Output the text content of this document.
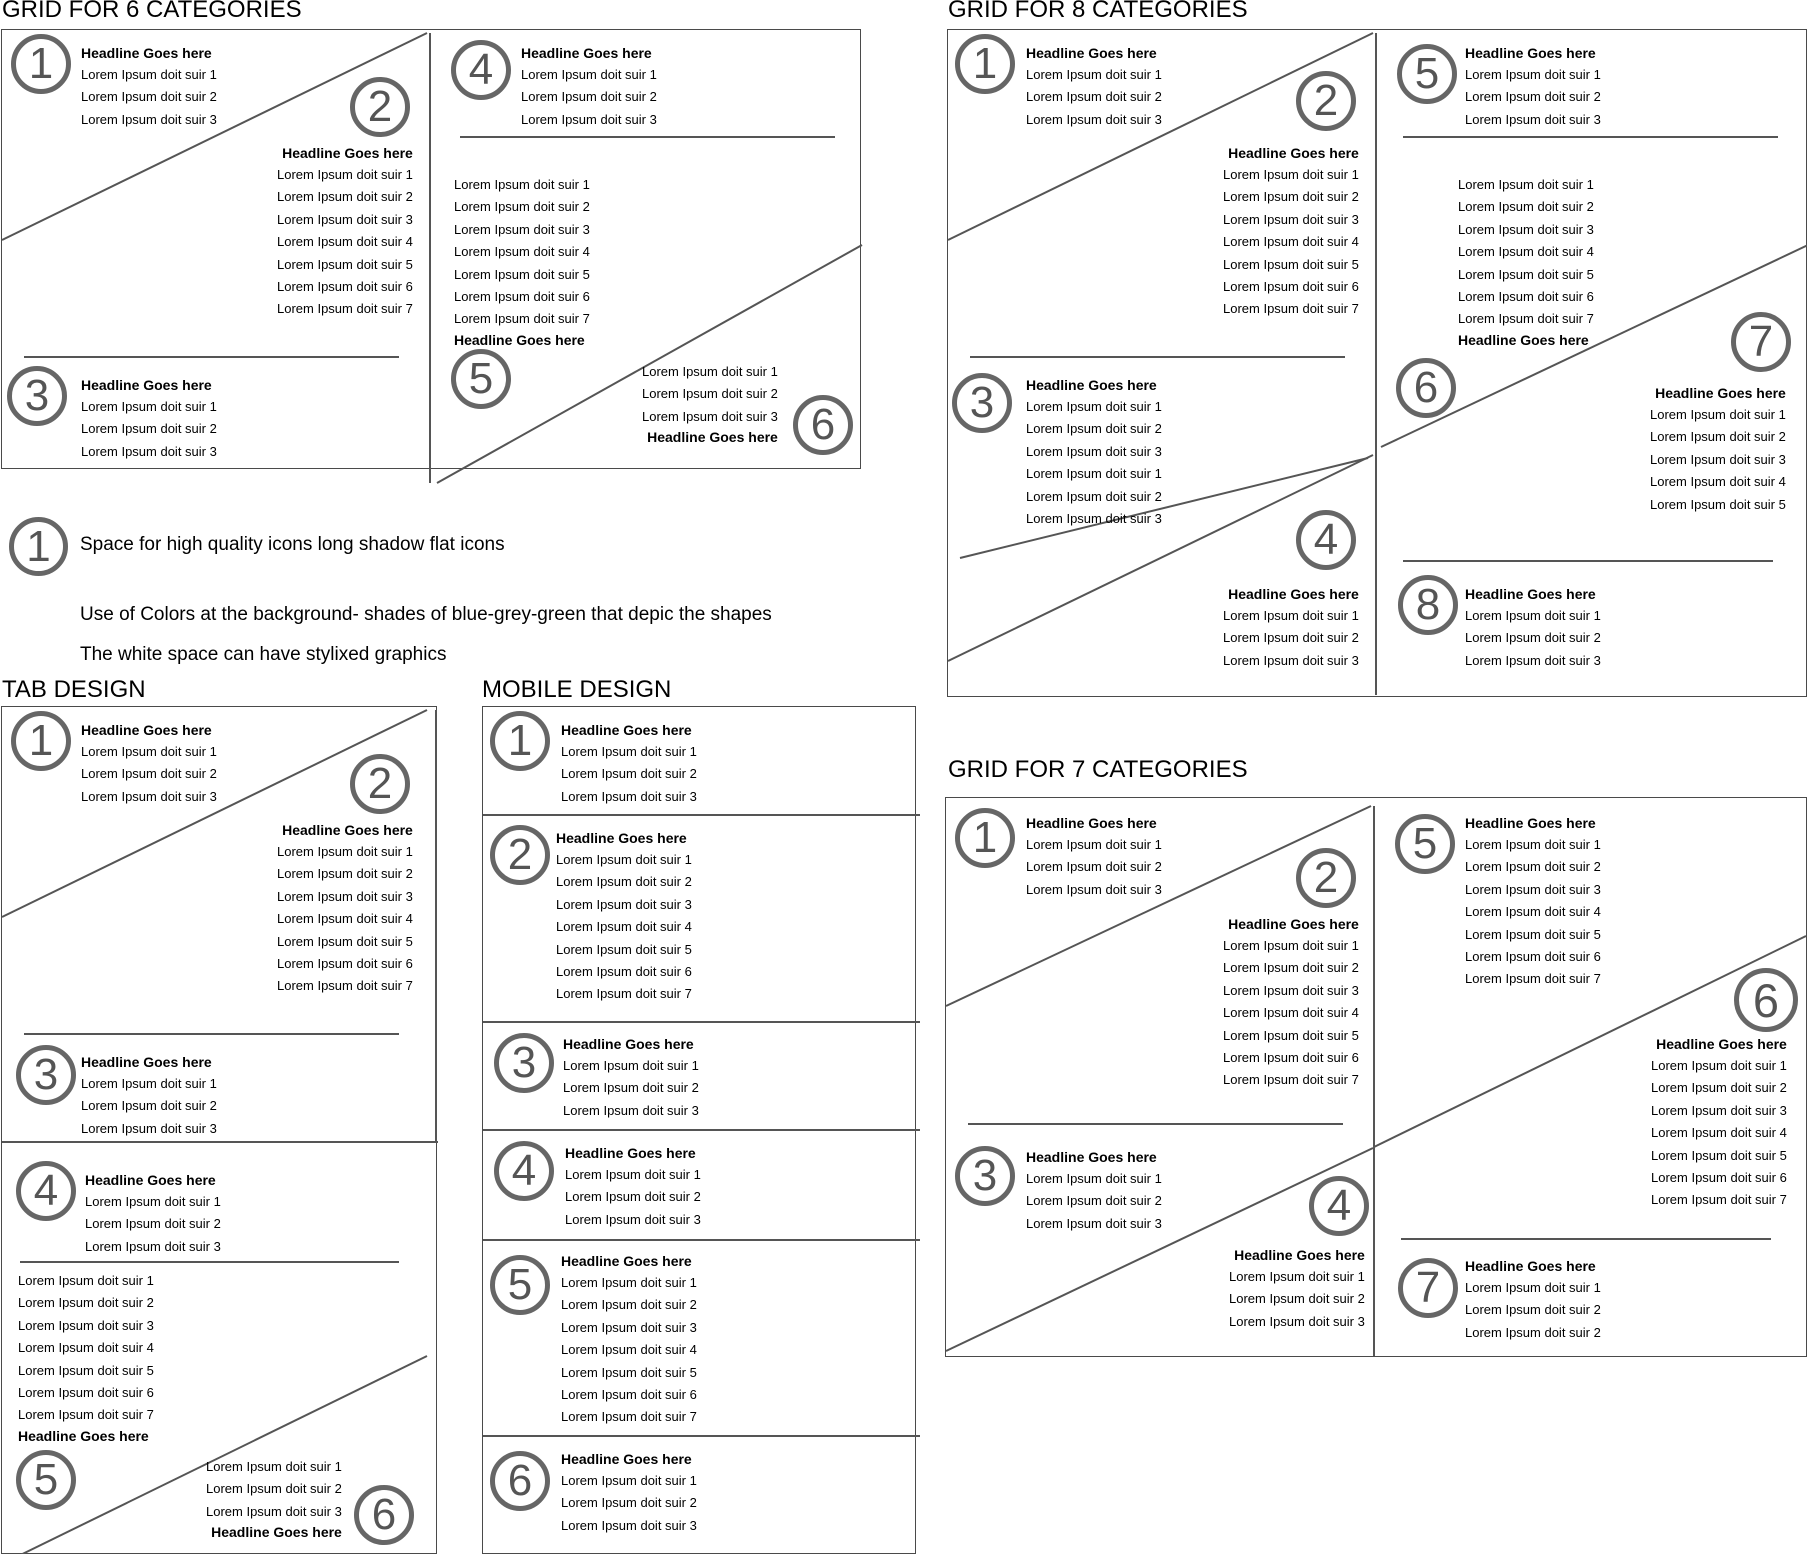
GRID FOR 6 CATEGORIES	GRID FOR 8 CATEGORIES
TAB DESIGN	MOBILE DESIGN
GRID FOR 7 CATEGORIES
1	Space for high quality icons long shadow flat icons
Use of Colors at the background- shades of blue-grey-green that depic the shapes
The white space can have stylixed graphics
1
2
3
4
5
6
Headline Goes here
Lorem Ipsum doit suir 1
Lorem Ipsum doit suir 2
Lorem Ipsum doit suir 3
Headline Goes here
Lorem Ipsum doit suir 1
Lorem Ipsum doit suir 2
Lorem Ipsum doit suir 3
Lorem Ipsum doit suir 4
Lorem Ipsum doit suir 5
Lorem Ipsum doit suir 6
Lorem Ipsum doit suir 7
Headline Goes here
Lorem Ipsum doit suir 1
Lorem Ipsum doit suir 2
Lorem Ipsum doit suir 3
Headline Goes here
Lorem Ipsum doit suir 1
Lorem Ipsum doit suir 2
Lorem Ipsum doit suir 3
Lorem Ipsum doit suir 1
Lorem Ipsum doit suir 2
Lorem Ipsum doit suir 3
Lorem Ipsum doit suir 4
Lorem Ipsum doit suir 5
Lorem Ipsum doit suir 6
Lorem Ipsum doit suir 7
Headline Goes here
Lorem Ipsum doit suir 1
Lorem Ipsum doit suir 2
Lorem Ipsum doit suir 3
Headline Goes here
1
2
3
4
5
6
7
8
Headline Goes here
Lorem Ipsum doit suir 1
Lorem Ipsum doit suir 2
Lorem Ipsum doit suir 3
Headline Goes here
Lorem Ipsum doit suir 1
Lorem Ipsum doit suir 2
Lorem Ipsum doit suir 3
Lorem Ipsum doit suir 4
Lorem Ipsum doit suir 5
Lorem Ipsum doit suir 6
Lorem Ipsum doit suir 7
Headline Goes here
Lorem Ipsum doit suir 1
Lorem Ipsum doit suir 2
Lorem Ipsum doit suir 3
Lorem Ipsum doit suir 1
Lorem Ipsum doit suir 2
Lorem Ipsum doit suir 3
Headline Goes here
Lorem Ipsum doit suir 1
Lorem Ipsum doit suir 2
Lorem Ipsum doit suir 3
Headline Goes here
Lorem Ipsum doit suir 1
Lorem Ipsum doit suir 2
Lorem Ipsum doit suir 3
Lorem Ipsum doit suir 1
Lorem Ipsum doit suir 2
Lorem Ipsum doit suir 3
Lorem Ipsum doit suir 4
Lorem Ipsum doit suir 5
Lorem Ipsum doit suir 6
Lorem Ipsum doit suir 7
Headline Goes here
Headline Goes here
Lorem Ipsum doit suir 1
Lorem Ipsum doit suir 2
Lorem Ipsum doit suir 3
Lorem Ipsum doit suir 4
Lorem Ipsum doit suir 5
Headline Goes here
Lorem Ipsum doit suir 1
Lorem Ipsum doit suir 2
Lorem Ipsum doit suir 3
1
2
3
4
5
6
Headline Goes here
Lorem Ipsum doit suir 1
Lorem Ipsum doit suir 2
Lorem Ipsum doit suir 3
Headline Goes here
Lorem Ipsum doit suir 1
Lorem Ipsum doit suir 2
Lorem Ipsum doit suir 3
Lorem Ipsum doit suir 4
Lorem Ipsum doit suir 5
Lorem Ipsum doit suir 6
Lorem Ipsum doit suir 7
Headline Goes here
Lorem Ipsum doit suir 1
Lorem Ipsum doit suir 2
Lorem Ipsum doit suir 3
Headline Goes here
Lorem Ipsum doit suir 1
Lorem Ipsum doit suir 2
Lorem Ipsum doit suir 3
Lorem Ipsum doit suir 1
Lorem Ipsum doit suir 2
Lorem Ipsum doit suir 3
Lorem Ipsum doit suir 4
Lorem Ipsum doit suir 5
Lorem Ipsum doit suir 6
Lorem Ipsum doit suir 7
Headline Goes here
Lorem Ipsum doit suir 1
Lorem Ipsum doit suir 2
Lorem Ipsum doit suir 3
Headline Goes here
1
2
3
4
5
6
Headline Goes here
Lorem Ipsum doit suir 1
Lorem Ipsum doit suir 2
Lorem Ipsum doit suir 3
Headline Goes here
Lorem Ipsum doit suir 1
Lorem Ipsum doit suir 2
Lorem Ipsum doit suir 3
Lorem Ipsum doit suir 4
Lorem Ipsum doit suir 5
Lorem Ipsum doit suir 6
Lorem Ipsum doit suir 7
Headline Goes here
Lorem Ipsum doit suir 1
Lorem Ipsum doit suir 2
Lorem Ipsum doit suir 3
Headline Goes here
Lorem Ipsum doit suir 1
Lorem Ipsum doit suir 2
Lorem Ipsum doit suir 3
Headline Goes here
Lorem Ipsum doit suir 1
Lorem Ipsum doit suir 2
Lorem Ipsum doit suir 3
Lorem Ipsum doit suir 4
Lorem Ipsum doit suir 5
Lorem Ipsum doit suir 6
Lorem Ipsum doit suir 7
Headline Goes here
Lorem Ipsum doit suir 1
Lorem Ipsum doit suir 2
Lorem Ipsum doit suir 3
1
2
3
4
5
6
7
Headline Goes here
Lorem Ipsum doit suir 1
Lorem Ipsum doit suir 2
Lorem Ipsum doit suir 3
Headline Goes here
Lorem Ipsum doit suir 1
Lorem Ipsum doit suir 2
Lorem Ipsum doit suir 3
Lorem Ipsum doit suir 4
Lorem Ipsum doit suir 5
Lorem Ipsum doit suir 6
Lorem Ipsum doit suir 7
Headline Goes here
Lorem Ipsum doit suir 1
Lorem Ipsum doit suir 2
Lorem Ipsum doit suir 3
Headline Goes here
Lorem Ipsum doit suir 1
Lorem Ipsum doit suir 2
Lorem Ipsum doit suir 3
Headline Goes here
Lorem Ipsum doit suir 1
Lorem Ipsum doit suir 2
Lorem Ipsum doit suir 3
Lorem Ipsum doit suir 4
Lorem Ipsum doit suir 5
Lorem Ipsum doit suir 6
Lorem Ipsum doit suir 7
Headline Goes here
Lorem Ipsum doit suir 1
Lorem Ipsum doit suir 2
Lorem Ipsum doit suir 3
Lorem Ipsum doit suir 4
Lorem Ipsum doit suir 5
Lorem Ipsum doit suir 6
Lorem Ipsum doit suir 7
Headline Goes here
Lorem Ipsum doit suir 1
Lorem Ipsum doit suir 2
Lorem Ipsum doit suir 2
